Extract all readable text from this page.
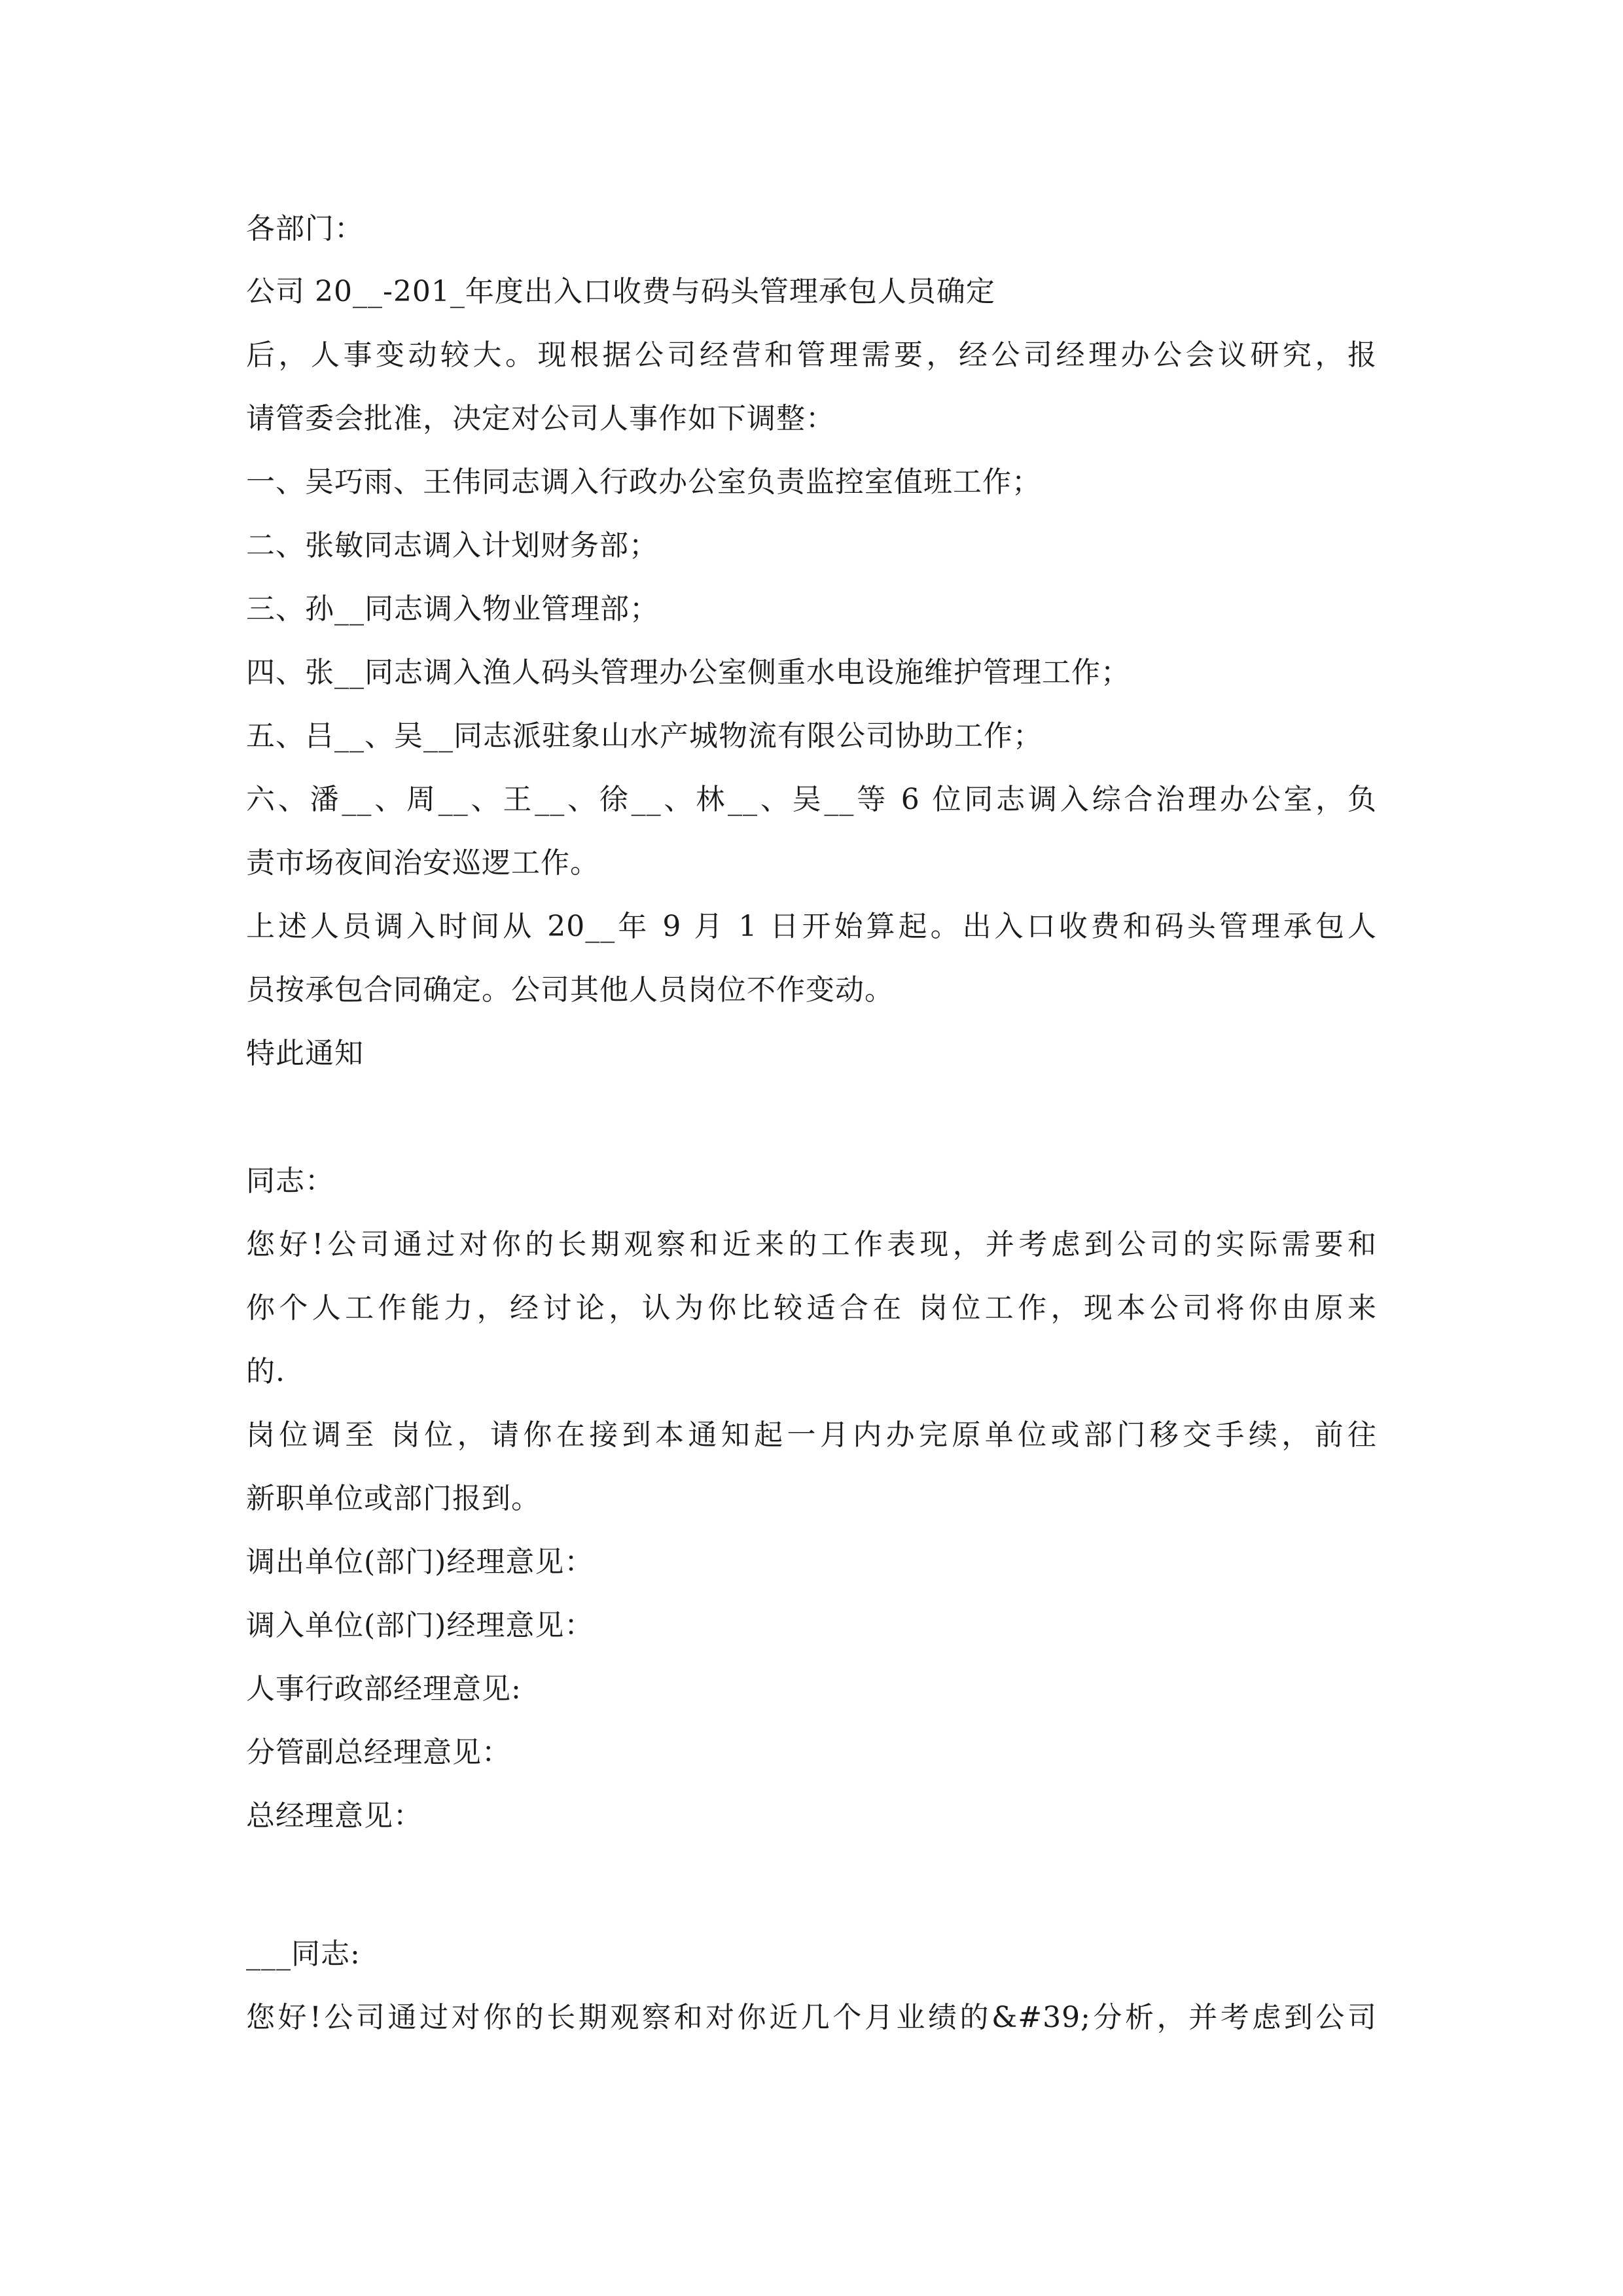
各部门：
公司 20__-201_年度出入口收费与码头管理承包人员确定
后，人事变动较大。现根据公司经营和管理需要，经公司经理办公会议研究，报
请管委会批准，决定对公司人事作如下调整：
一、吴巧雨、王伟同志调入行政办公室负责监控室值班工作；
二、张敏同志调入计划财务部；
三、孙__同志调入物业管理部；
四、张__同志调入渔人码头管理办公室侧重水电设施维护管理工作；
五、吕__、吴__同志派驻象山水产城物流有限公司协助工作；
六、潘__、周__、王__、徐__、林__、吴__等 6 位同志调入综合治理办公室，负
责市场夜间治安巡逻工作。
上述人员调入时间从 20__年 9 月 1 日开始算起。出入口收费和码头管理承包人
员按承包合同确定。公司其他人员岗位不作变动。
特此通知
同志：
您好!公司通过对你的长期观察和近来的工作表现，并考虑到公司的实际需要和
你个人工作能力，经讨论，认为你比较适合在 岗位工作，现本公司将你由原来
的.
岗位调至 岗位，请你在接到本通知起一月内办完原单位或部门移交手续，前往
新职单位或部门报到。
调出单位(部门)经理意见：
调入单位(部门)经理意见：
人事行政部经理意见:
分管副总经理意见：
总经理意见：
___同志:
您好!公司通过对你的长期观察和对你近几个月业绩的&#39;分析，并考虑到公司
